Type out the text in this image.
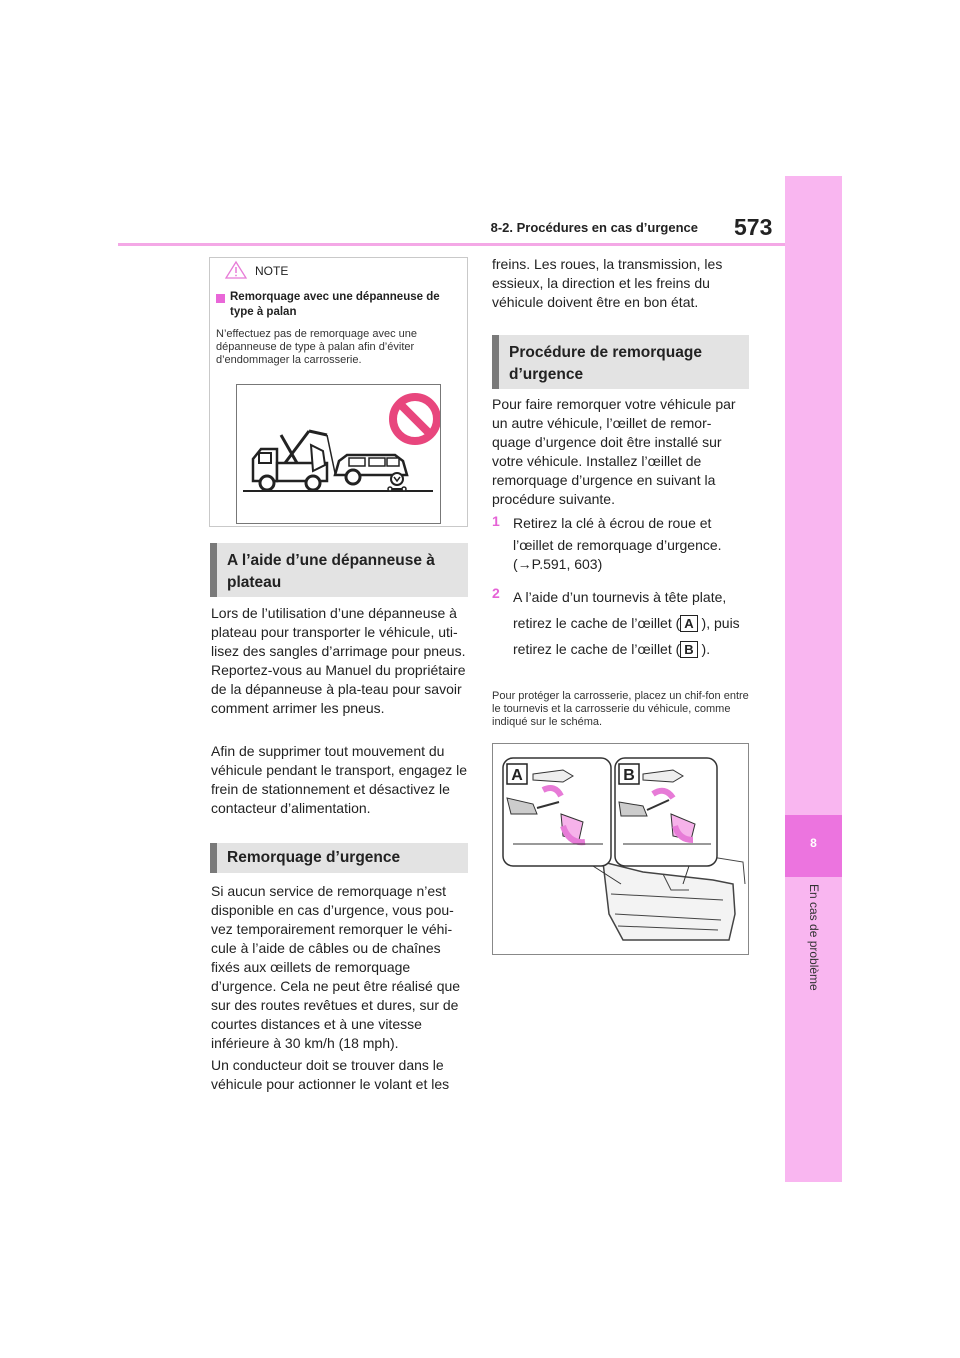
8-2. Procédures en cas d’urgence 573
8
En cas de problème
NOTE
Remorquage avec une dépanneuse de type à palan
N’effectuez pas de remorquage avec une dépanneuse de type à palan afin d’éviter d’endommager la carrosserie.
A l’aide d’une dépanneuse à plateau
Lors de l’utilisation d’une dépanneuse à plateau pour transporter le véhicule, uti-lisez des sangles d’arrimage pour pneus. Reportez-vous au Manuel du propriétaire de la dépanneuse à pla-teau pour savoir comment arrimer les pneus.
Afin de supprimer tout mouvement du véhicule pendant le transport, engagez le frein de stationnement et désactivez le contacteur d’alimentation.
Remorquage d’urgence
Si aucun service de remorquage n’est disponible en cas d’urgence, vous pou-vez temporairement remorquer le véhi-cule à l’aide de câbles ou de chaînes fixés aux œillets de remorquage d’urgence. Cela ne peut être réalisé que sur des routes revêtues et dures, sur de courtes distances et à une vitesse inférieure à 30 km/h (18 mph).
Un conducteur doit se trouver dans le véhicule pour actionner le volant et les
freins. Les roues, la transmission, les essieux, la direction et les freins du véhicule doivent être en bon état.
Procédure de remorquage d’urgence
Pour faire remorquer votre véhicule par un autre véhicule, l’œillet de remor-quage d’urgence doit être installé sur votre véhicule. Installez l’œillet de remorquage d’urgence en suivant la procédure suivante.
1 Retirez la clé à écrou de roue et l’œillet de remorquage d’urgence.
(→P.591, 603)
2 A l’aide d’un tournevis à tête plate, retirez le cache de l’œillet ( A ), puis retirez le cache de l’œillet ( B ).
Pour protéger la carrosserie, placez un chif-fon entre le tournevis et la carrosserie du véhicule, comme indiqué sur le schéma.
A	B
